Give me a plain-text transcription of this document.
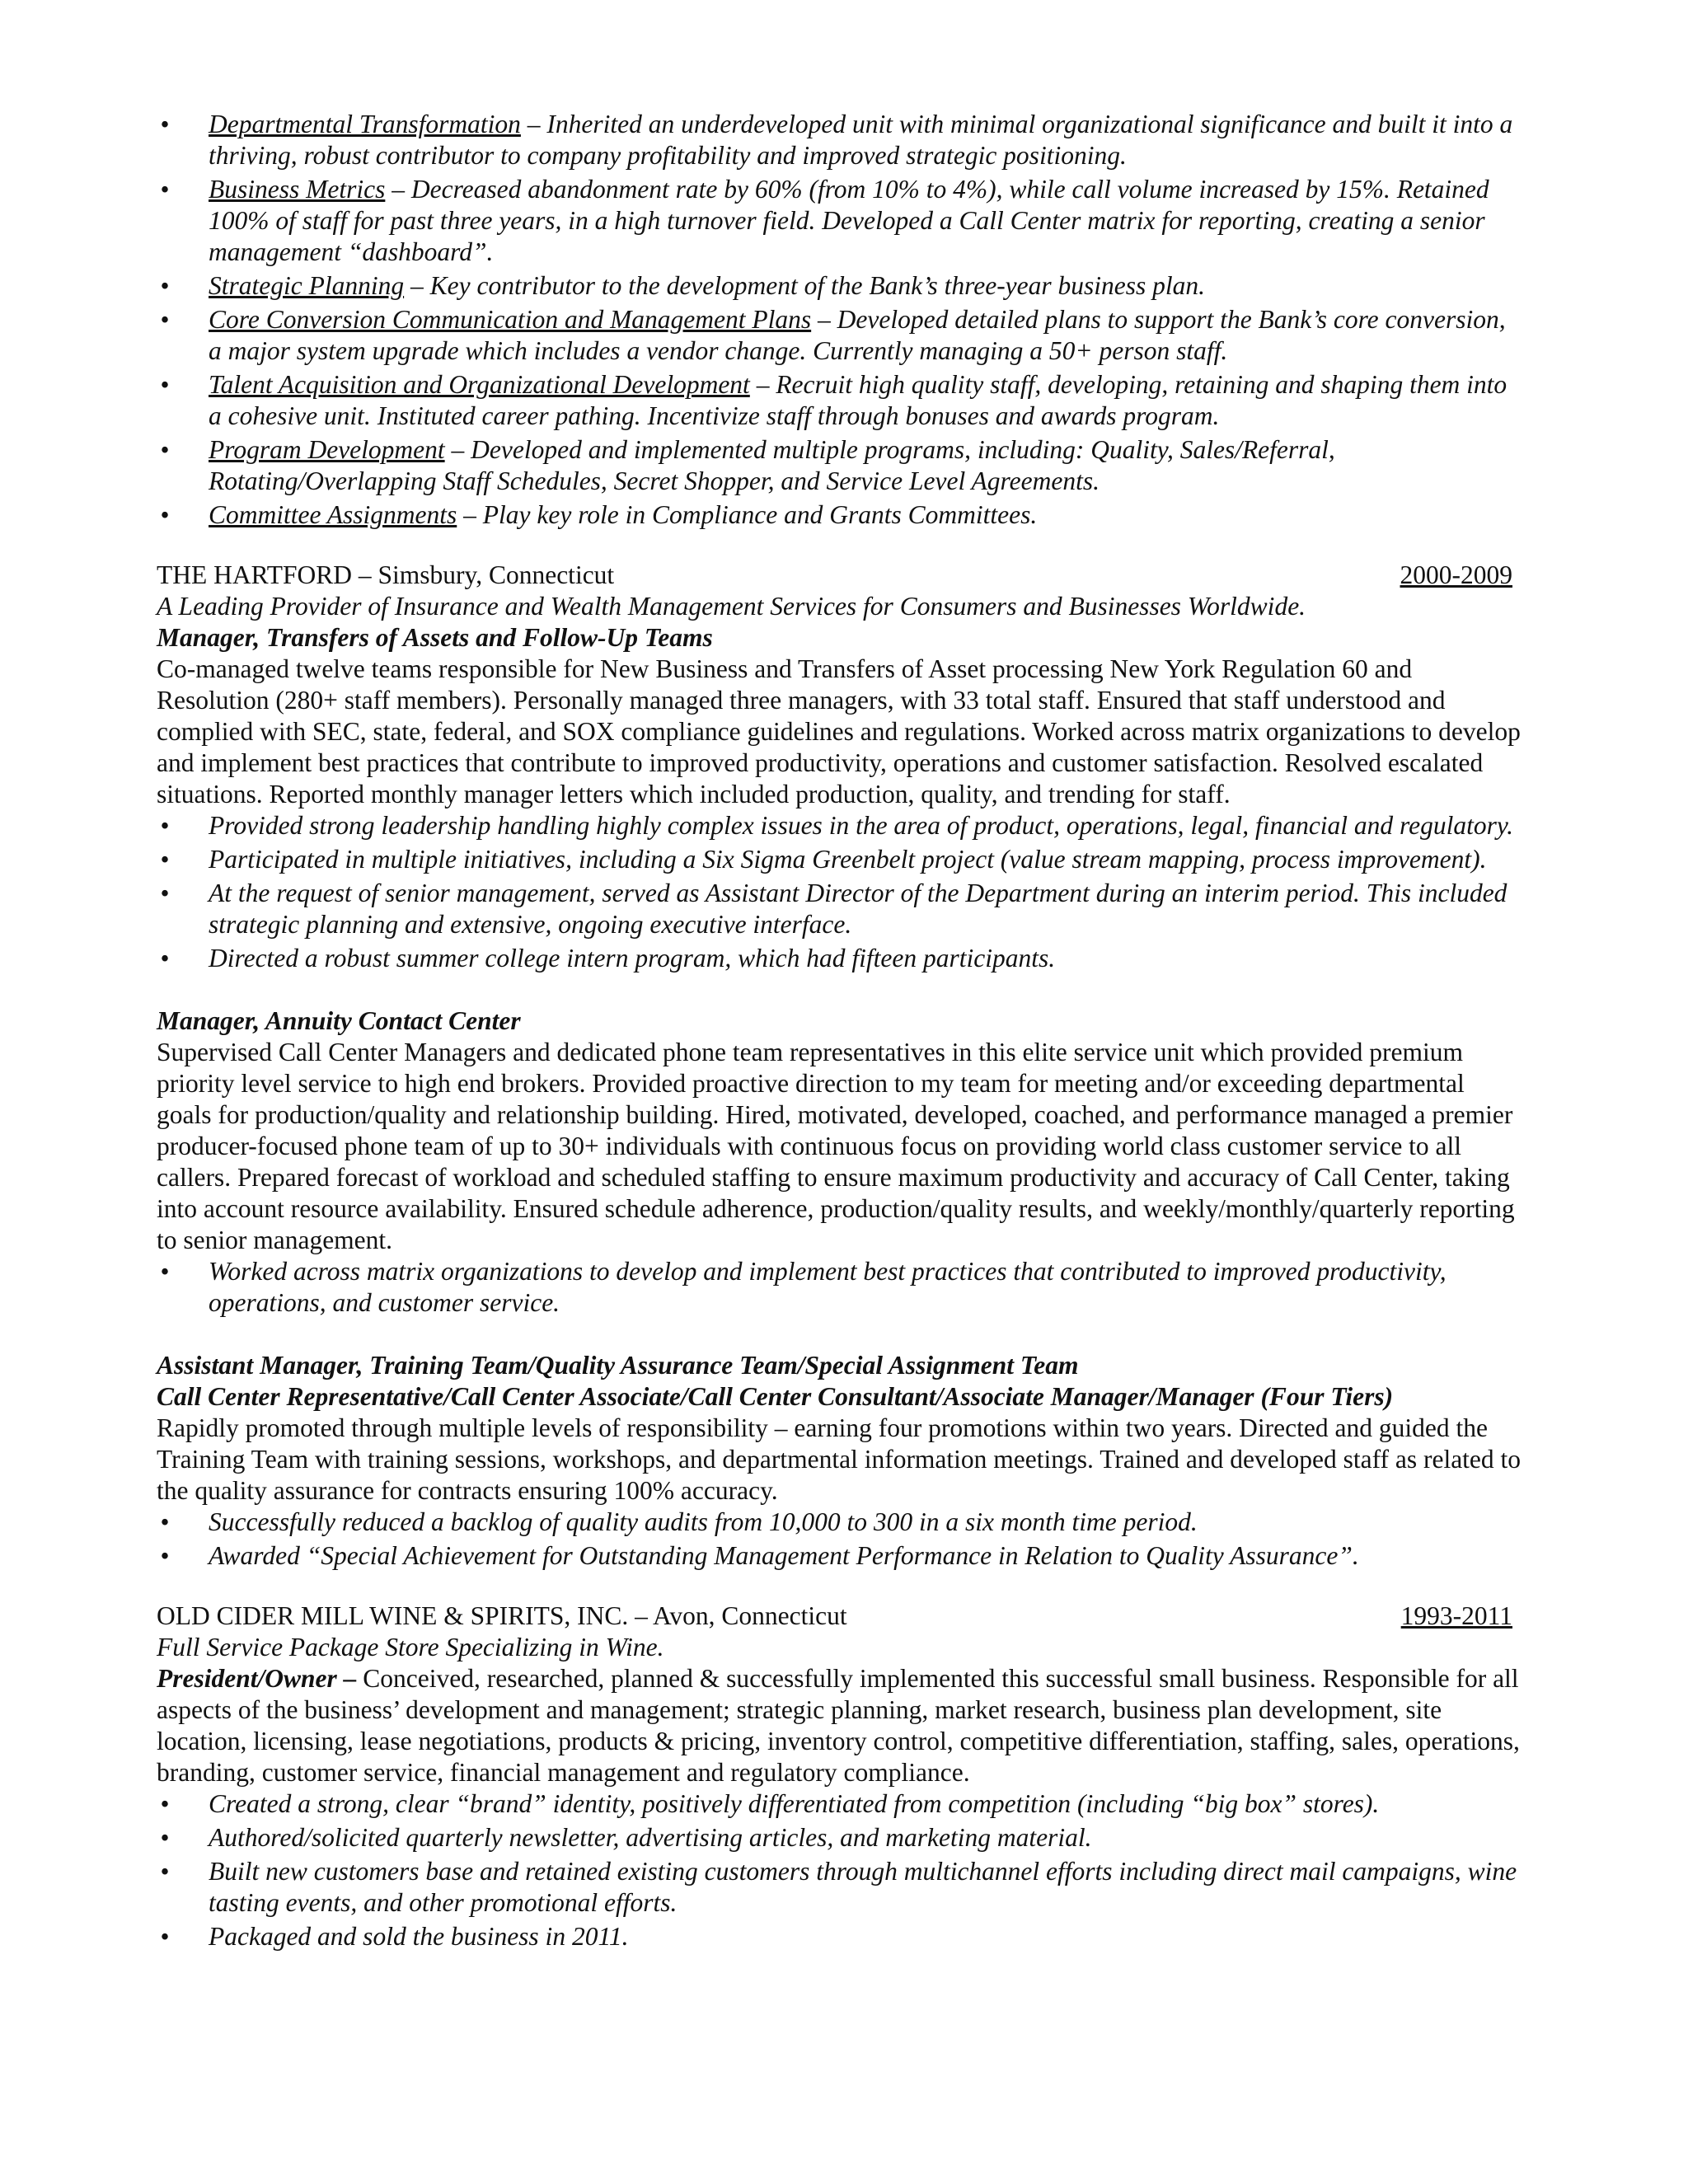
• Departmental Transformation – Inherited an underdeveloped unit with minimal organizational significance and built it into a thriving, robust contributor to company profitability and improved strategic positioning.
• Business Metrics – Decreased abandonment rate by 60% (from 10% to 4%), while call volume increased by 15%. Retained 100% of staff for past three years, in a high turnover field. Developed a Call Center matrix for reporting, creating a senior management “dashboard”.
• Strategic Planning – Key contributor to the development of the Bank’s three-year business plan.
• Core Conversion Communication and Management Plans – Developed detailed plans to support the Bank’s core conversion, a major system upgrade which includes a vendor change. Currently managing a 50+ person staff.
• Talent Acquisition and Organizational Development – Recruit high quality staff, developing, retaining and shaping them into a cohesive unit. Instituted career pathing. Incentivize staff through bonuses and awards program.
• Program Development – Developed and implemented multiple programs, including: Quality, Sales/Referral, Rotating/Overlapping Staff Schedules, Secret Shopper, and Service Level Agreements.
• Committee Assignments – Play key role in Compliance and Grants Committees.
THE HARTFORD – Simsbury, Connecticut	2000-2009

A Leading Provider of Insurance and Wealth Management Services for Consumers and Businesses Worldwide.

Manager, Transfers of Assets and Follow-Up Teams

Co-managed twelve teams responsible for New Business and Transfers of Asset processing New York Regulation 60 and Resolution (280+ staff members). Personally managed three managers, with 33 total staff. Ensured that staff understood and complied with SEC, state, federal, and SOX compliance guidelines and regulations. Worked across matrix organizations to develop and implement best practices that contribute to improved productivity, operations and customer satisfaction. Resolved escalated situations. Reported monthly manager letters which included production, quality, and trending for staff.

• Provided strong leadership handling highly complex issues in the area of product, operations, legal, financial and regulatory.
• Participated in multiple initiatives, including a Six Sigma Greenbelt project (value stream mapping, process improvement).
• At the request of senior management, served as Assistant Director of the Department during an interim period. This included strategic planning and extensive, ongoing executive interface.
• Directed a robust summer college intern program, which had fifteen participants.

Manager, Annuity Contact Center

Supervised Call Center Managers and dedicated phone team representatives in this elite service unit which provided premium priority level service to high end brokers. Provided proactive direction to my team for meeting and/or exceeding departmental goals for production/quality and relationship building. Hired, motivated, developed, coached, and performance managed a premier producer-focused phone team of up to 30+ individuals with continuous focus on providing world class customer service to all callers. Prepared forecast of workload and scheduled staffing to ensure maximum productivity and accuracy of Call Center, taking into account resource availability. Ensured schedule adherence, production/quality results, and weekly/monthly/quarterly reporting to senior management.

• Worked across matrix organizations to develop and implement best practices that contributed to improved productivity, operations, and customer service.

Assistant Manager, Training Team/Quality Assurance Team/Special Assignment Team

Call Center Representative/Call Center Associate/Call Center Consultant/Associate Manager/Manager (Four Tiers)

Rapidly promoted through multiple levels of responsibility – earning four promotions within two years. Directed and guided the Training Team with training sessions, workshops, and departmental information meetings. Trained and developed staff as related to the quality assurance for contracts ensuring 100% accuracy.

• Successfully reduced a backlog of quality audits from 10,000 to 300 in a six month time period.
• Awarded “Special Achievement for Outstanding Management Performance in Relation to Quality Assurance”.
OLD CIDER MILL WINE & SPIRITS, INC. – Avon, Connecticut	1993-2011

Full Service Package Store Specializing in Wine.

President/Owner – Conceived, researched, planned & successfully implemented this successful small business. Responsible for all aspects of the business’ development and management; strategic planning, market research, business plan development, site location, licensing, lease negotiations, products & pricing, inventory control, competitive differentiation, staffing, sales, operations, branding, customer service, financial management and regulatory compliance.

• Created a strong, clear “brand” identity, positively differentiated from competition (including “big box” stores).
• Authored/solicited quarterly newsletter, advertising articles, and marketing material.
• Built new customers base and retained existing customers through multichannel efforts including direct mail campaigns, wine tasting events, and other promotional efforts.
• Packaged and sold the business in 2011.
